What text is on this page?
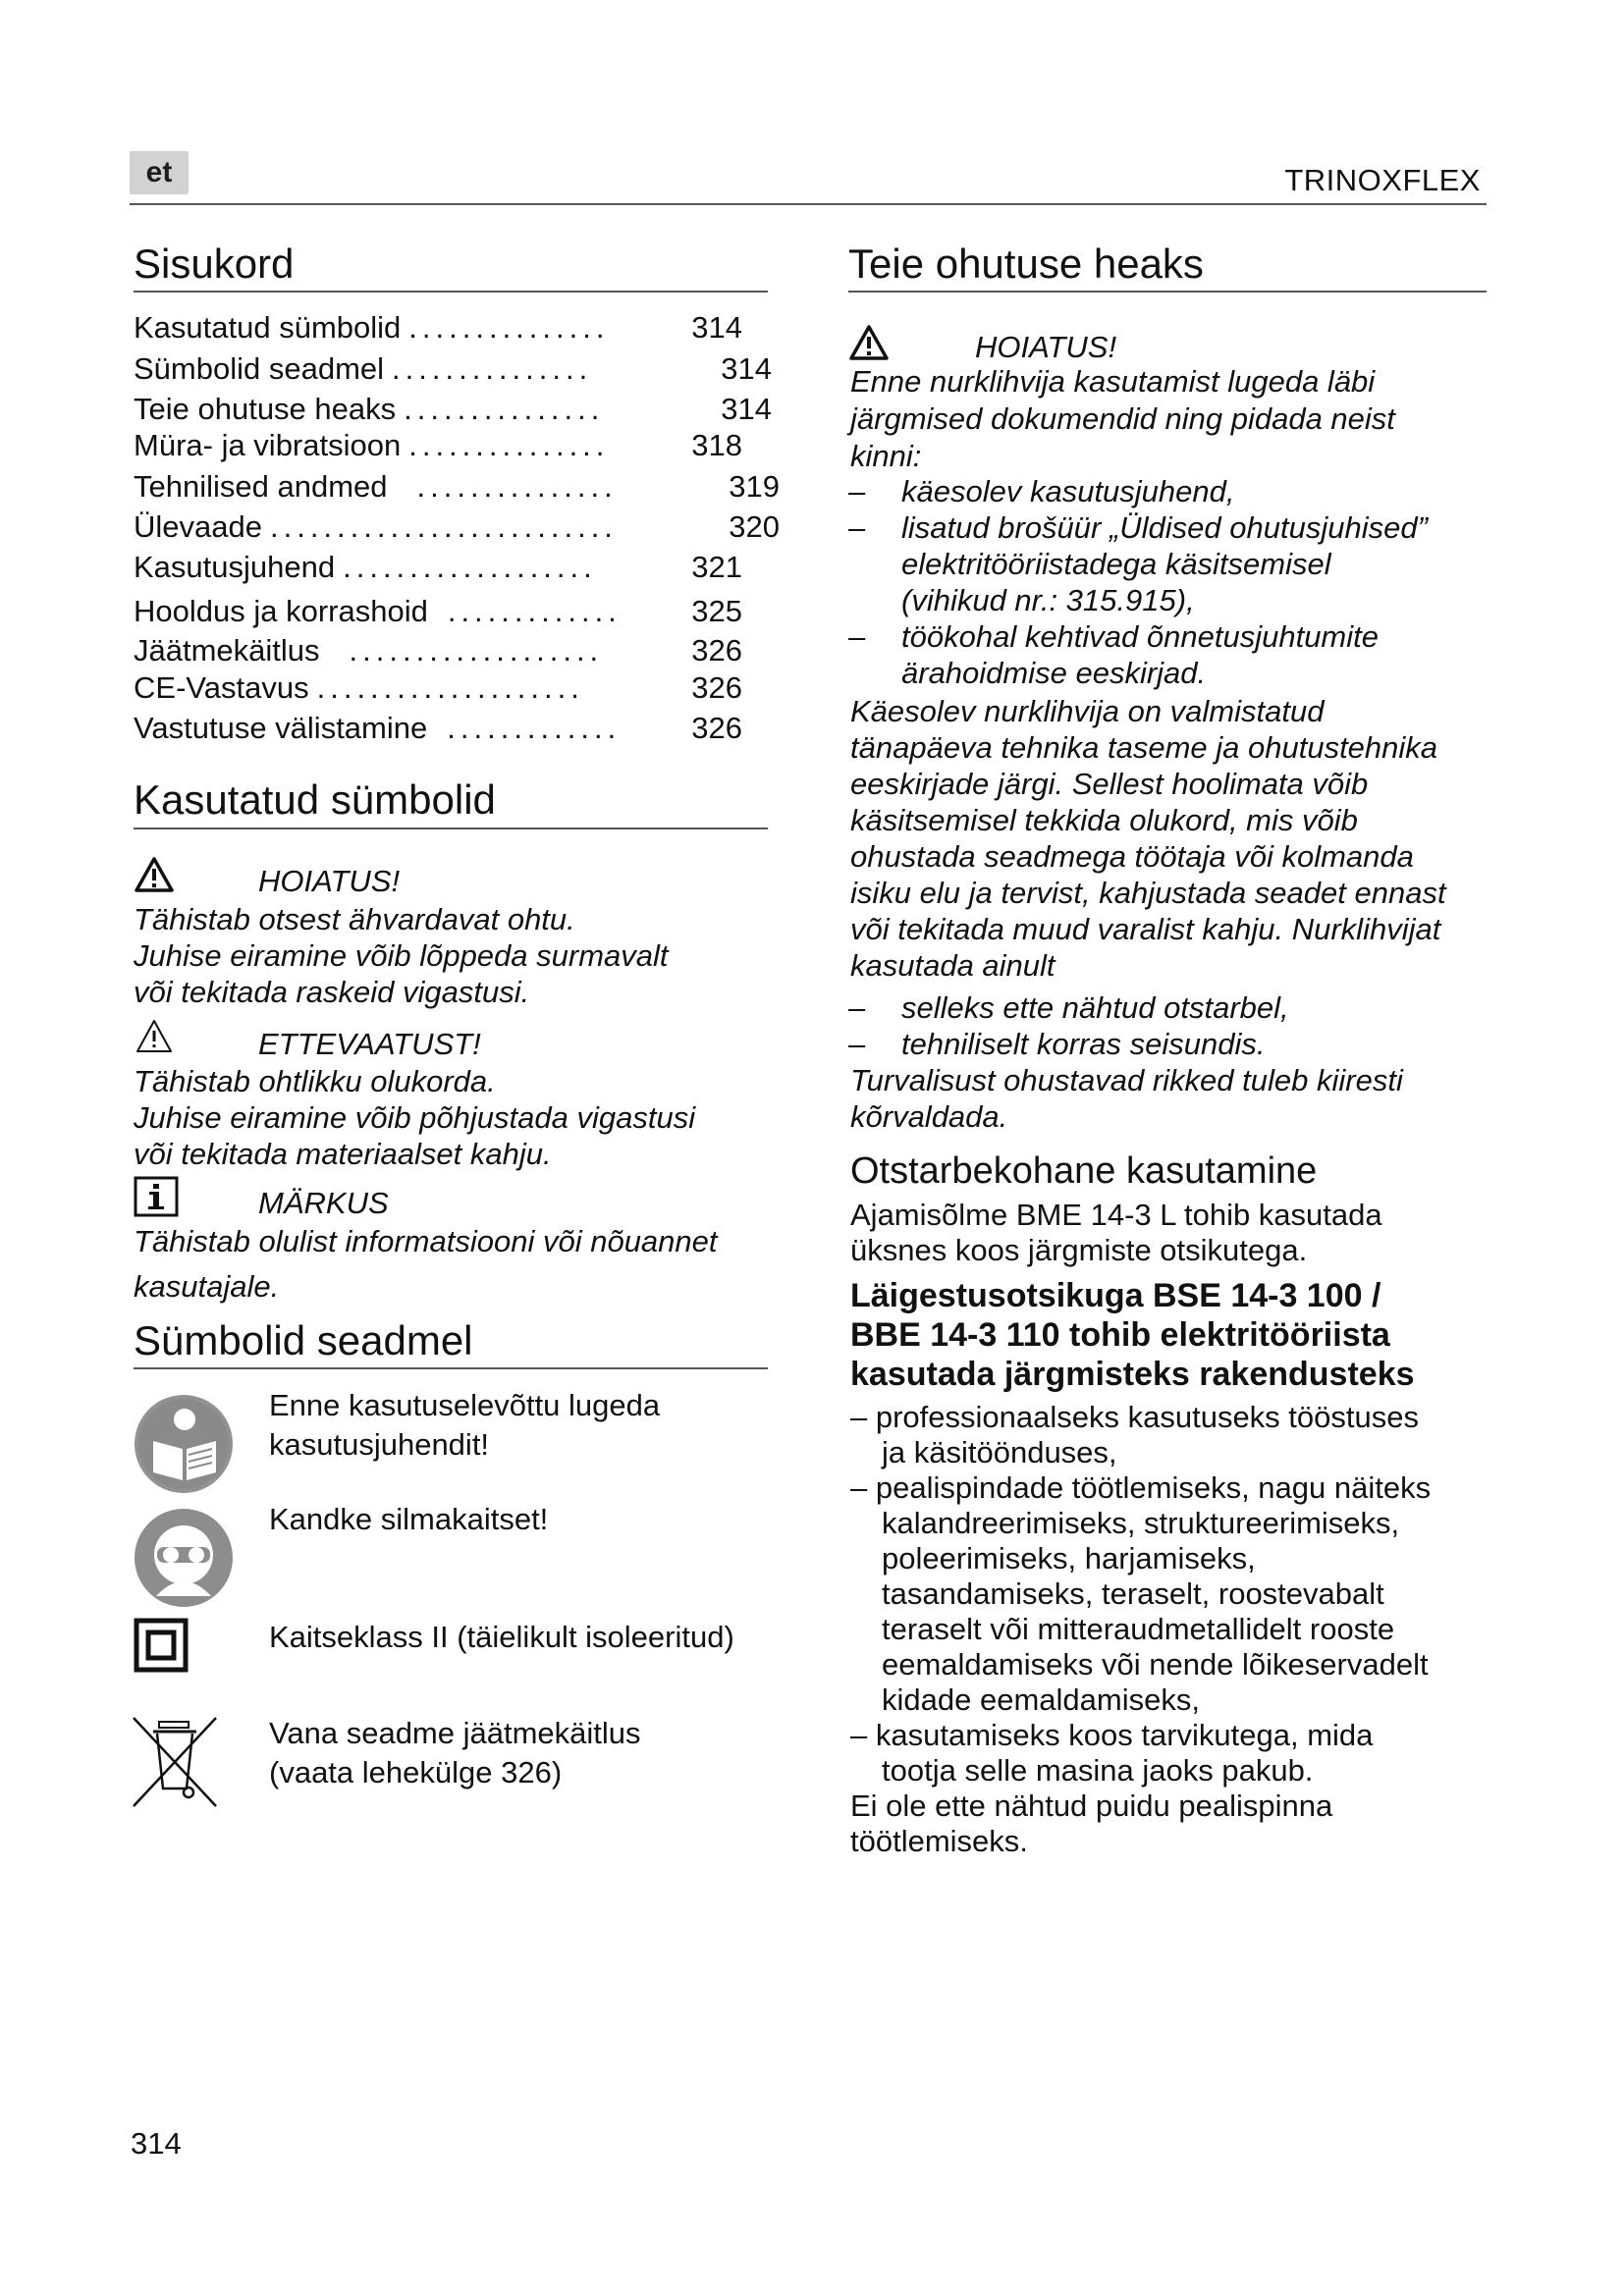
et	TRINOXFLEX
Sisukord
Kasutatud sümbolid ...............	314
Sümbolid seadmel ...............	314
Teie ohutuse heaks ...............	314
Müra- ja vibratsioon ...............	318
Tehnilised andmed ...............	319
Ülevaade ..........................	320
Kasutusjuhend ...................	321
Hooldus ja korrashoid ............. 325
Jäätmekäitlus ...................	326
CE-Vastavus ....................	326
Vastutuse välistamine ............. 326
Kasutatud sümbolid
HOIATUS!
Tähistab otsest ähvardavat ohtu.
Juhise eiramine võib lõppeda surmavalt
või tekitada raskeid vigastusi.
ETTEVAATUST!
Tähistab ohtlikku olukorda.
Juhise eiramine võib põhjustada vigastusi
või tekitada materiaalset kahju.
MÄRKUS
Tähistab olulist informatsiooni või nõuannet
kasutajale.
Sümbolid seadmel
Enne kasutuselevõttu lugeda
kasutusjuhendit!
Kandke silmakaitset!
Kaitseklass II (täielikult isoleeritud)
Vana seadme jäätmekäitlus
(vaata lehekülge 326)
Teie ohutuse heaks
HOIATUS!
Enne nurklihvija kasutamist lugeda läbi
järgmised dokumendid ning pidada neist
kinni:
–	käesolev kasutusjuhend,
–	lisatud brošüür „Üldised ohutusjuhised”
elektritööriistadega käsitsemisel
(vihikud nr.: 315.915),
–	töökohal kehtivad õnnetusjuhtumite
ärahoidmise eeskirjad.
Käesolev nurklihvija on valmistatud
tänapäeva tehnika taseme ja ohutustehnika
eeskirjade järgi. Sellest hoolimata võib
käsitsemisel tekkida olukord, mis võib
ohustada seadmega töötaja või kolmanda
isiku elu ja tervist, kahjustada seadet ennast
või tekitada muud varalist kahju. Nurklihvijat
kasutada ainult
–	selleks ette nähtud otstarbel,
–	tehniliselt korras seisundis.
Turvalisust ohustavad rikked tuleb kiiresti
kõrvaldada.
Otstarbekohane kasutamine
Ajamisõlme BME 14-3 L tohib kasutada
üksnes koos järgmiste otsikutega.
Läigestusotsikuga BSE 14-3 100 /
BBE 14-3 110 tohib elektritööriista
kasutada järgmisteks rakendusteks
– professionaalseks kasutuseks tööstuses
ja käsitöönduses,
– pealispindade töötlemiseks, nagu näiteks
kalandreerimiseks, struktureerimiseks,
poleerimiseks, harjamiseks,
tasandamiseks, teraselt, roostevabalt
teraselt või mitteraudmetallidelt rooste
eemaldamiseks või nende lõikeservadelt
kidade eemaldamiseks,
– kasutamiseks koos tarvikutega, mida
tootja selle masina jaoks pakub.
Ei ole ette nähtud puidu pealispinna
töötlemiseks.
314
